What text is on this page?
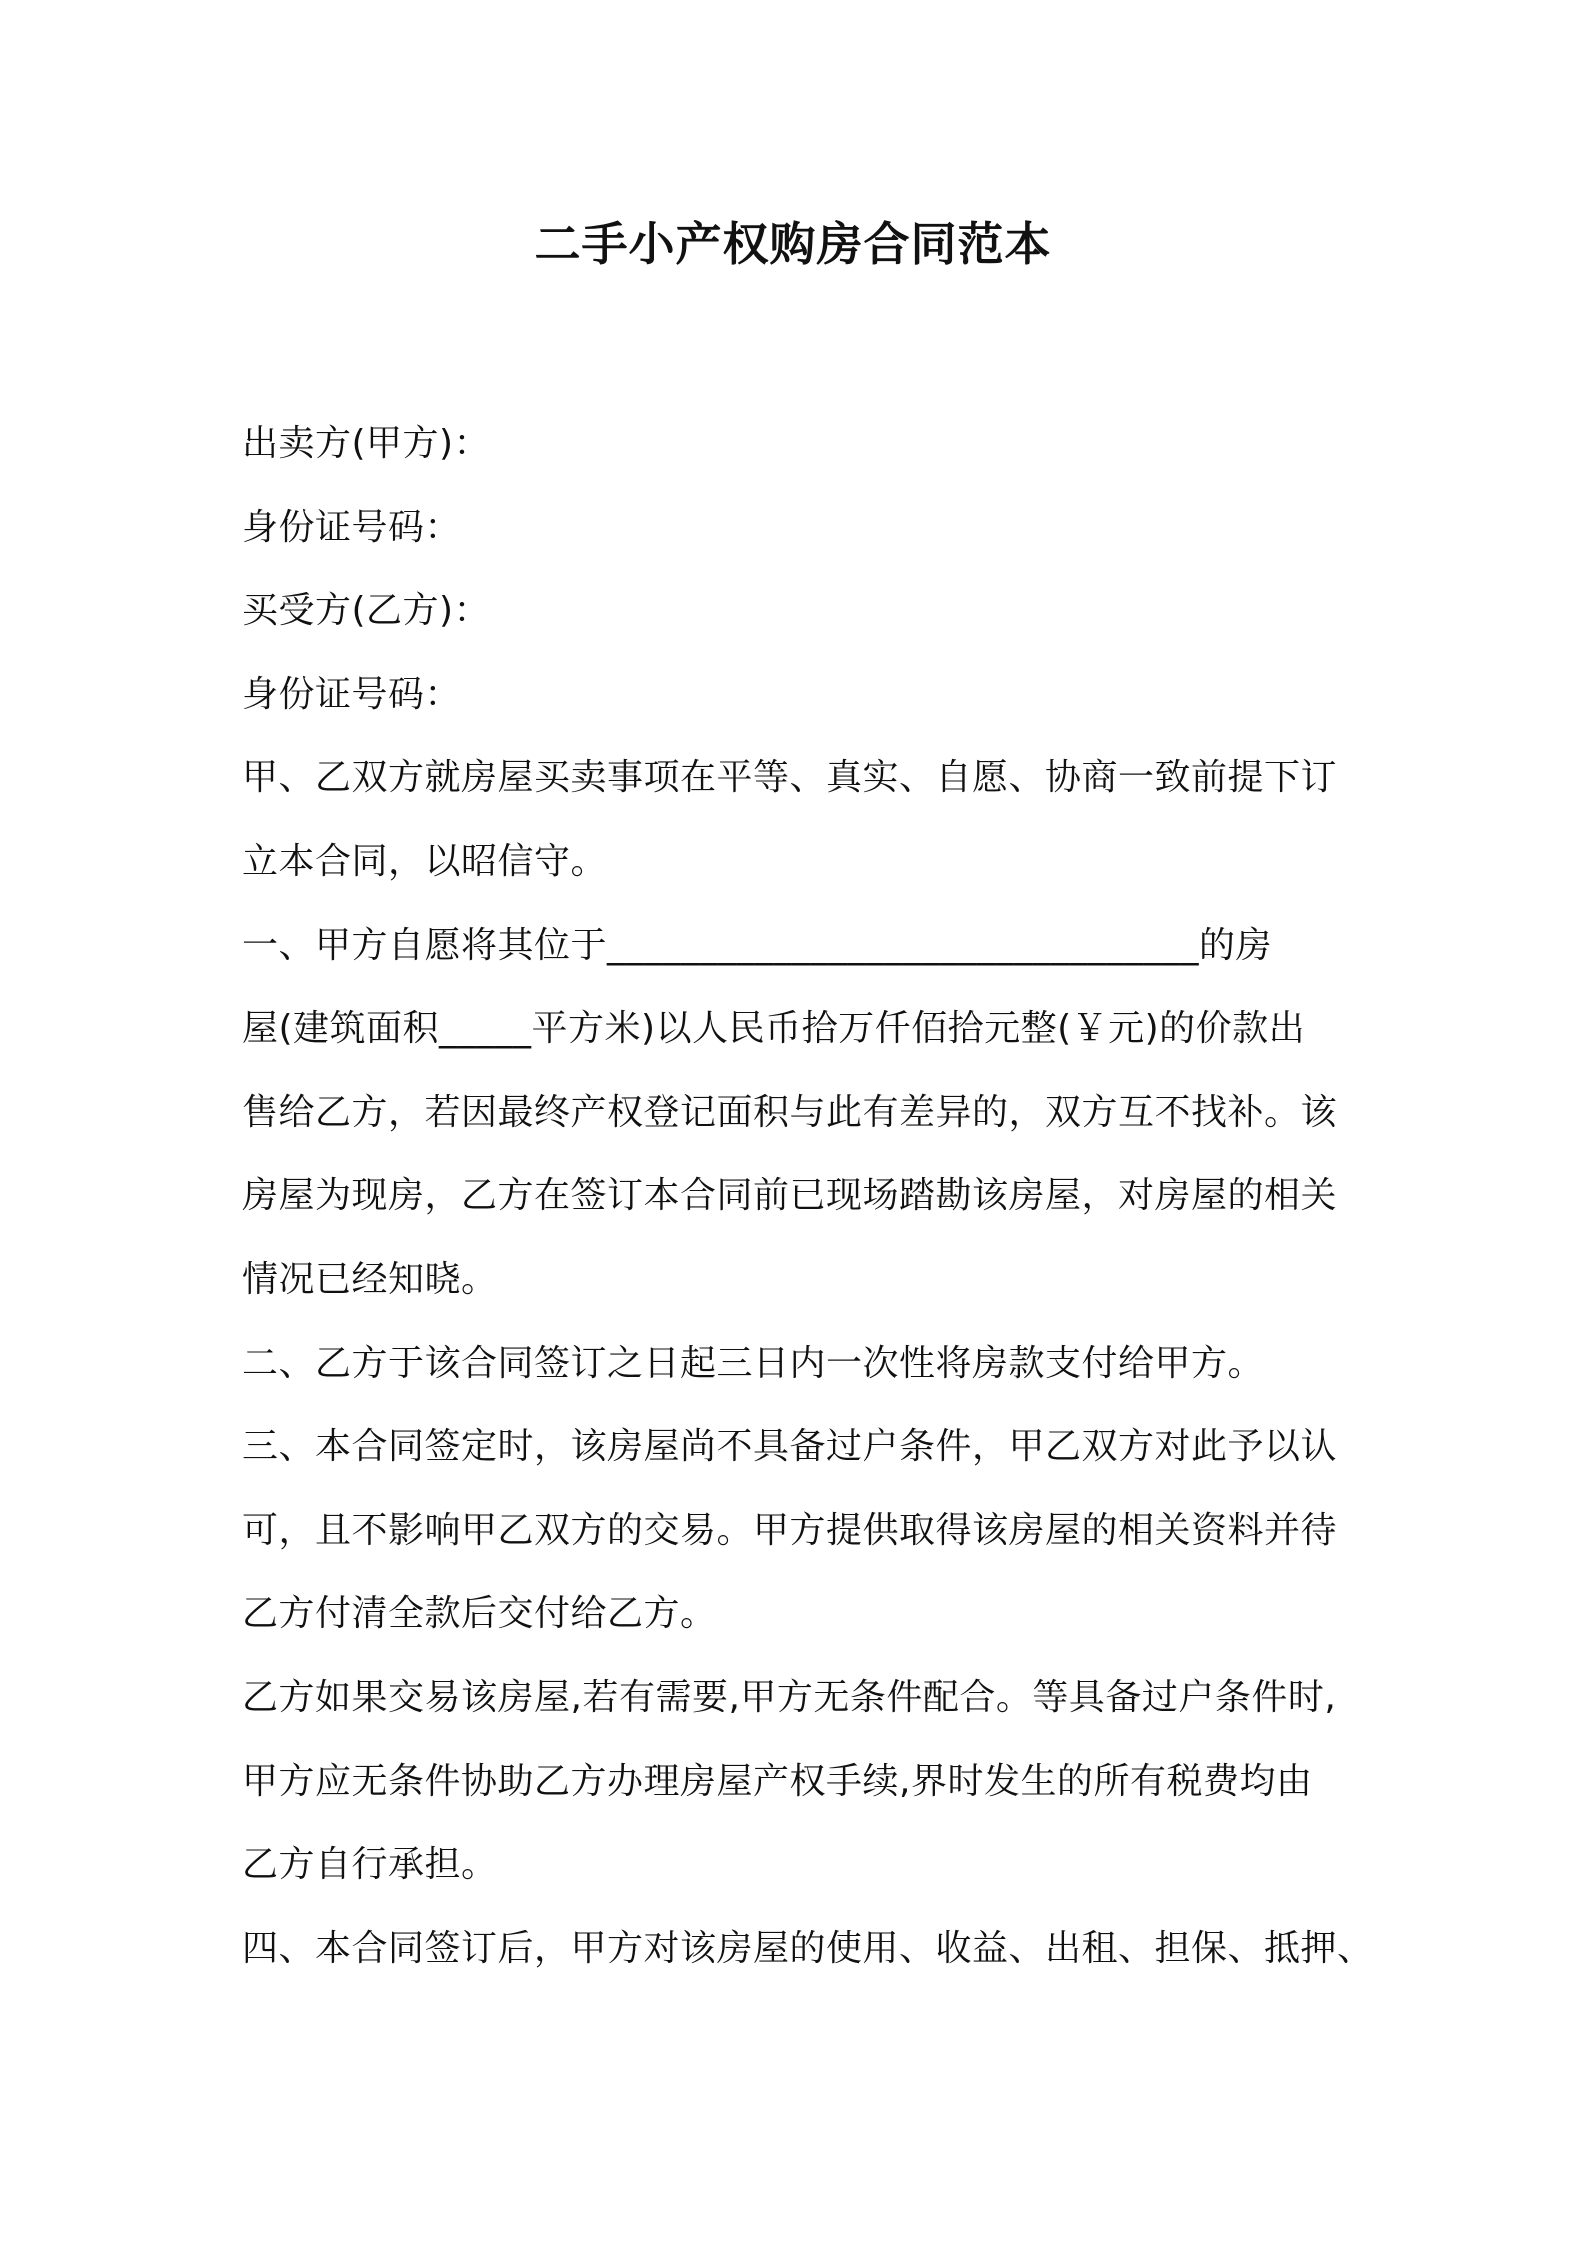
二手小产权购房合同范本
出卖方(甲方)：
身份证号码：
买受方(乙方)：
身份证号码：
甲、乙双方就房屋买卖事项在平等、真实、自愿、协商一致前提下订
立本合同，以昭信守。
一、甲方自愿将其位于________________________________的房
屋(建筑面积_____平方米)以人民币拾万仟佰拾元整(￥元)的价款出
售给乙方，若因最终产权登记面积与此有差异的，双方互不找补。该
房屋为现房，乙方在签订本合同前已现场踏勘该房屋，对房屋的相关
情况已经知晓。
二、乙方于该合同签订之日起三日内一次性将房款支付给甲方。
三、本合同签定时，该房屋尚不具备过户条件，甲乙双方对此予以认
可，且不影响甲乙双方的交易。甲方提供取得该房屋的相关资料并待
乙方付清全款后交付给乙方。
乙方如果交易该房屋,若有需要,甲方无条件配合。等具备过户条件时,
甲方应无条件协助乙方办理房屋产权手续,界时发生的所有税费均由
乙方自行承担。
四、本合同签订后，甲方对该房屋的使用、收益、出租、担保、抵押、
